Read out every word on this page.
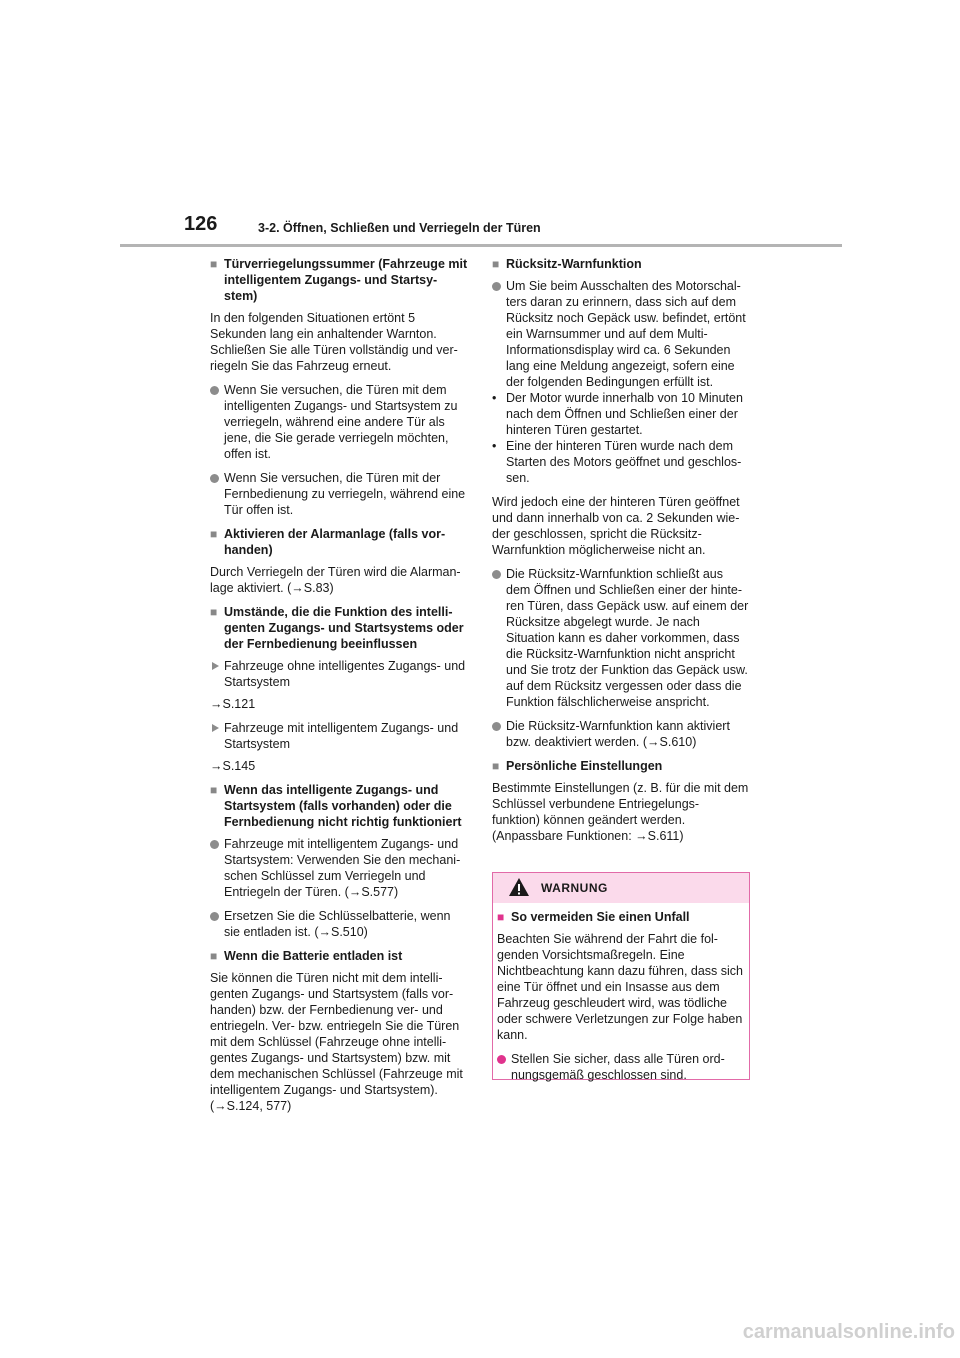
126	3-2. Öffnen, Schließen und Verriegeln der Türen
■ Türverriegelungssummer (Fahrzeuge mit intelligentem Zugangs- und Startsy- stem)
In den folgenden Situationen ertönt 5 Sekunden lang ein anhaltender Warnton. Schließen Sie alle Türen vollständig und ver- riegeln Sie das Fahrzeug erneut.
Wenn Sie versuchen, die Türen mit dem intelligenten Zugangs- und Startsystem zu verriegeln, während eine andere Tür als jene, die Sie gerade verriegeln möchten, offen ist.
Wenn Sie versuchen, die Türen mit der Fernbedienung zu verriegeln, während eine Tür offen ist.
■ Aktivieren der Alarmanlage (falls vor- handen)
Durch Verriegeln der Türen wird die Alarman- lage aktiviert. (→S.83)
■ Umstände, die die Funktion des intelli- genten Zugangs- und Startsystems oder der Fernbedienung beeinflussen
Fahrzeuge ohne intelligentes Zugangs- und Startsystem
→S.121
Fahrzeuge mit intelligentem Zugangs- und Startsystem
→S.145
■ Wenn das intelligente Zugangs- und Startsystem (falls vorhanden) oder die Fernbedienung nicht richtig funktioniert
Fahrzeuge mit intelligentem Zugangs- und Startsystem: Verwenden Sie den mechani- schen Schlüssel zum Verriegeln und Entriegeln der Türen. (→S.577)
Ersetzen Sie die Schlüsselbatterie, wenn sie entladen ist. (→S.510)
■ Wenn die Batterie entladen ist
Sie können die Türen nicht mit dem intelli- genten Zugangs- und Startsystem (falls vor- handen) bzw. der Fernbedienung ver- und entriegeln. Ver- bzw. entriegeln Sie die Türen mit dem Schlüssel (Fahrzeuge ohne intelli- gentes Zugangs- und Startsystem) bzw. mit dem mechanischen Schlüssel (Fahrzeuge mit intelligentem Zugangs- und Startsystem). (→S.124, 577)
■ Rücksitz-Warnfunktion
Um Sie beim Ausschalten des Motorschal- ters daran zu erinnern, dass sich auf dem Rücksitz noch Gepäck usw. befindet, ertönt ein Warnsummer und auf dem Multi- Informationsdisplay wird ca. 6 Sekunden lang eine Meldung angezeigt, sofern eine der folgenden Bedingungen erfüllt ist.
• Der Motor wurde innerhalb von 10 Minuten nach dem Öffnen und Schließen einer der hinteren Türen gestartet.
• Eine der hinteren Türen wurde nach dem Starten des Motors geöffnet und geschlos- sen.
Wird jedoch eine der hinteren Türen geöffnet und dann innerhalb von ca. 2 Sekunden wie- der geschlossen, spricht die Rücksitz- Warnfunktion möglicherweise nicht an.
Die Rücksitz-Warnfunktion schließt aus dem Öffnen und Schließen einer der hinte- ren Türen, dass Gepäck usw. auf einem der Rücksitze abgelegt wurde. Je nach Situation kann es daher vorkommen, dass die Rücksitz-Warnfunktion nicht anspricht und Sie trotz der Funktion das Gepäck usw. auf dem Rücksitz vergessen oder dass die Funktion fälschlicherweise anspricht.
Die Rücksitz-Warnfunktion kann aktiviert bzw. deaktiviert werden. (→S.610)
■ Persönliche Einstellungen
Bestimmte Einstellungen (z. B. für die mit dem Schlüssel verbundene Entriegelungs- funktion) können geändert werden. (Anpassbare Funktionen: →S.611)
WARNUNG
■ So vermeiden Sie einen Unfall
Beachten Sie während der Fahrt die fol- genden Vorsichtsmaßregeln. Eine Nichtbeachtung kann dazu führen, dass sich eine Tür öffnet und ein Insasse aus dem Fahrzeug geschleudert wird, was tödliche oder schwere Verletzungen zur Folge haben kann.
Stellen Sie sicher, dass alle Türen ord- nungsgemäß geschlossen sind.
carmanualsonline.info
